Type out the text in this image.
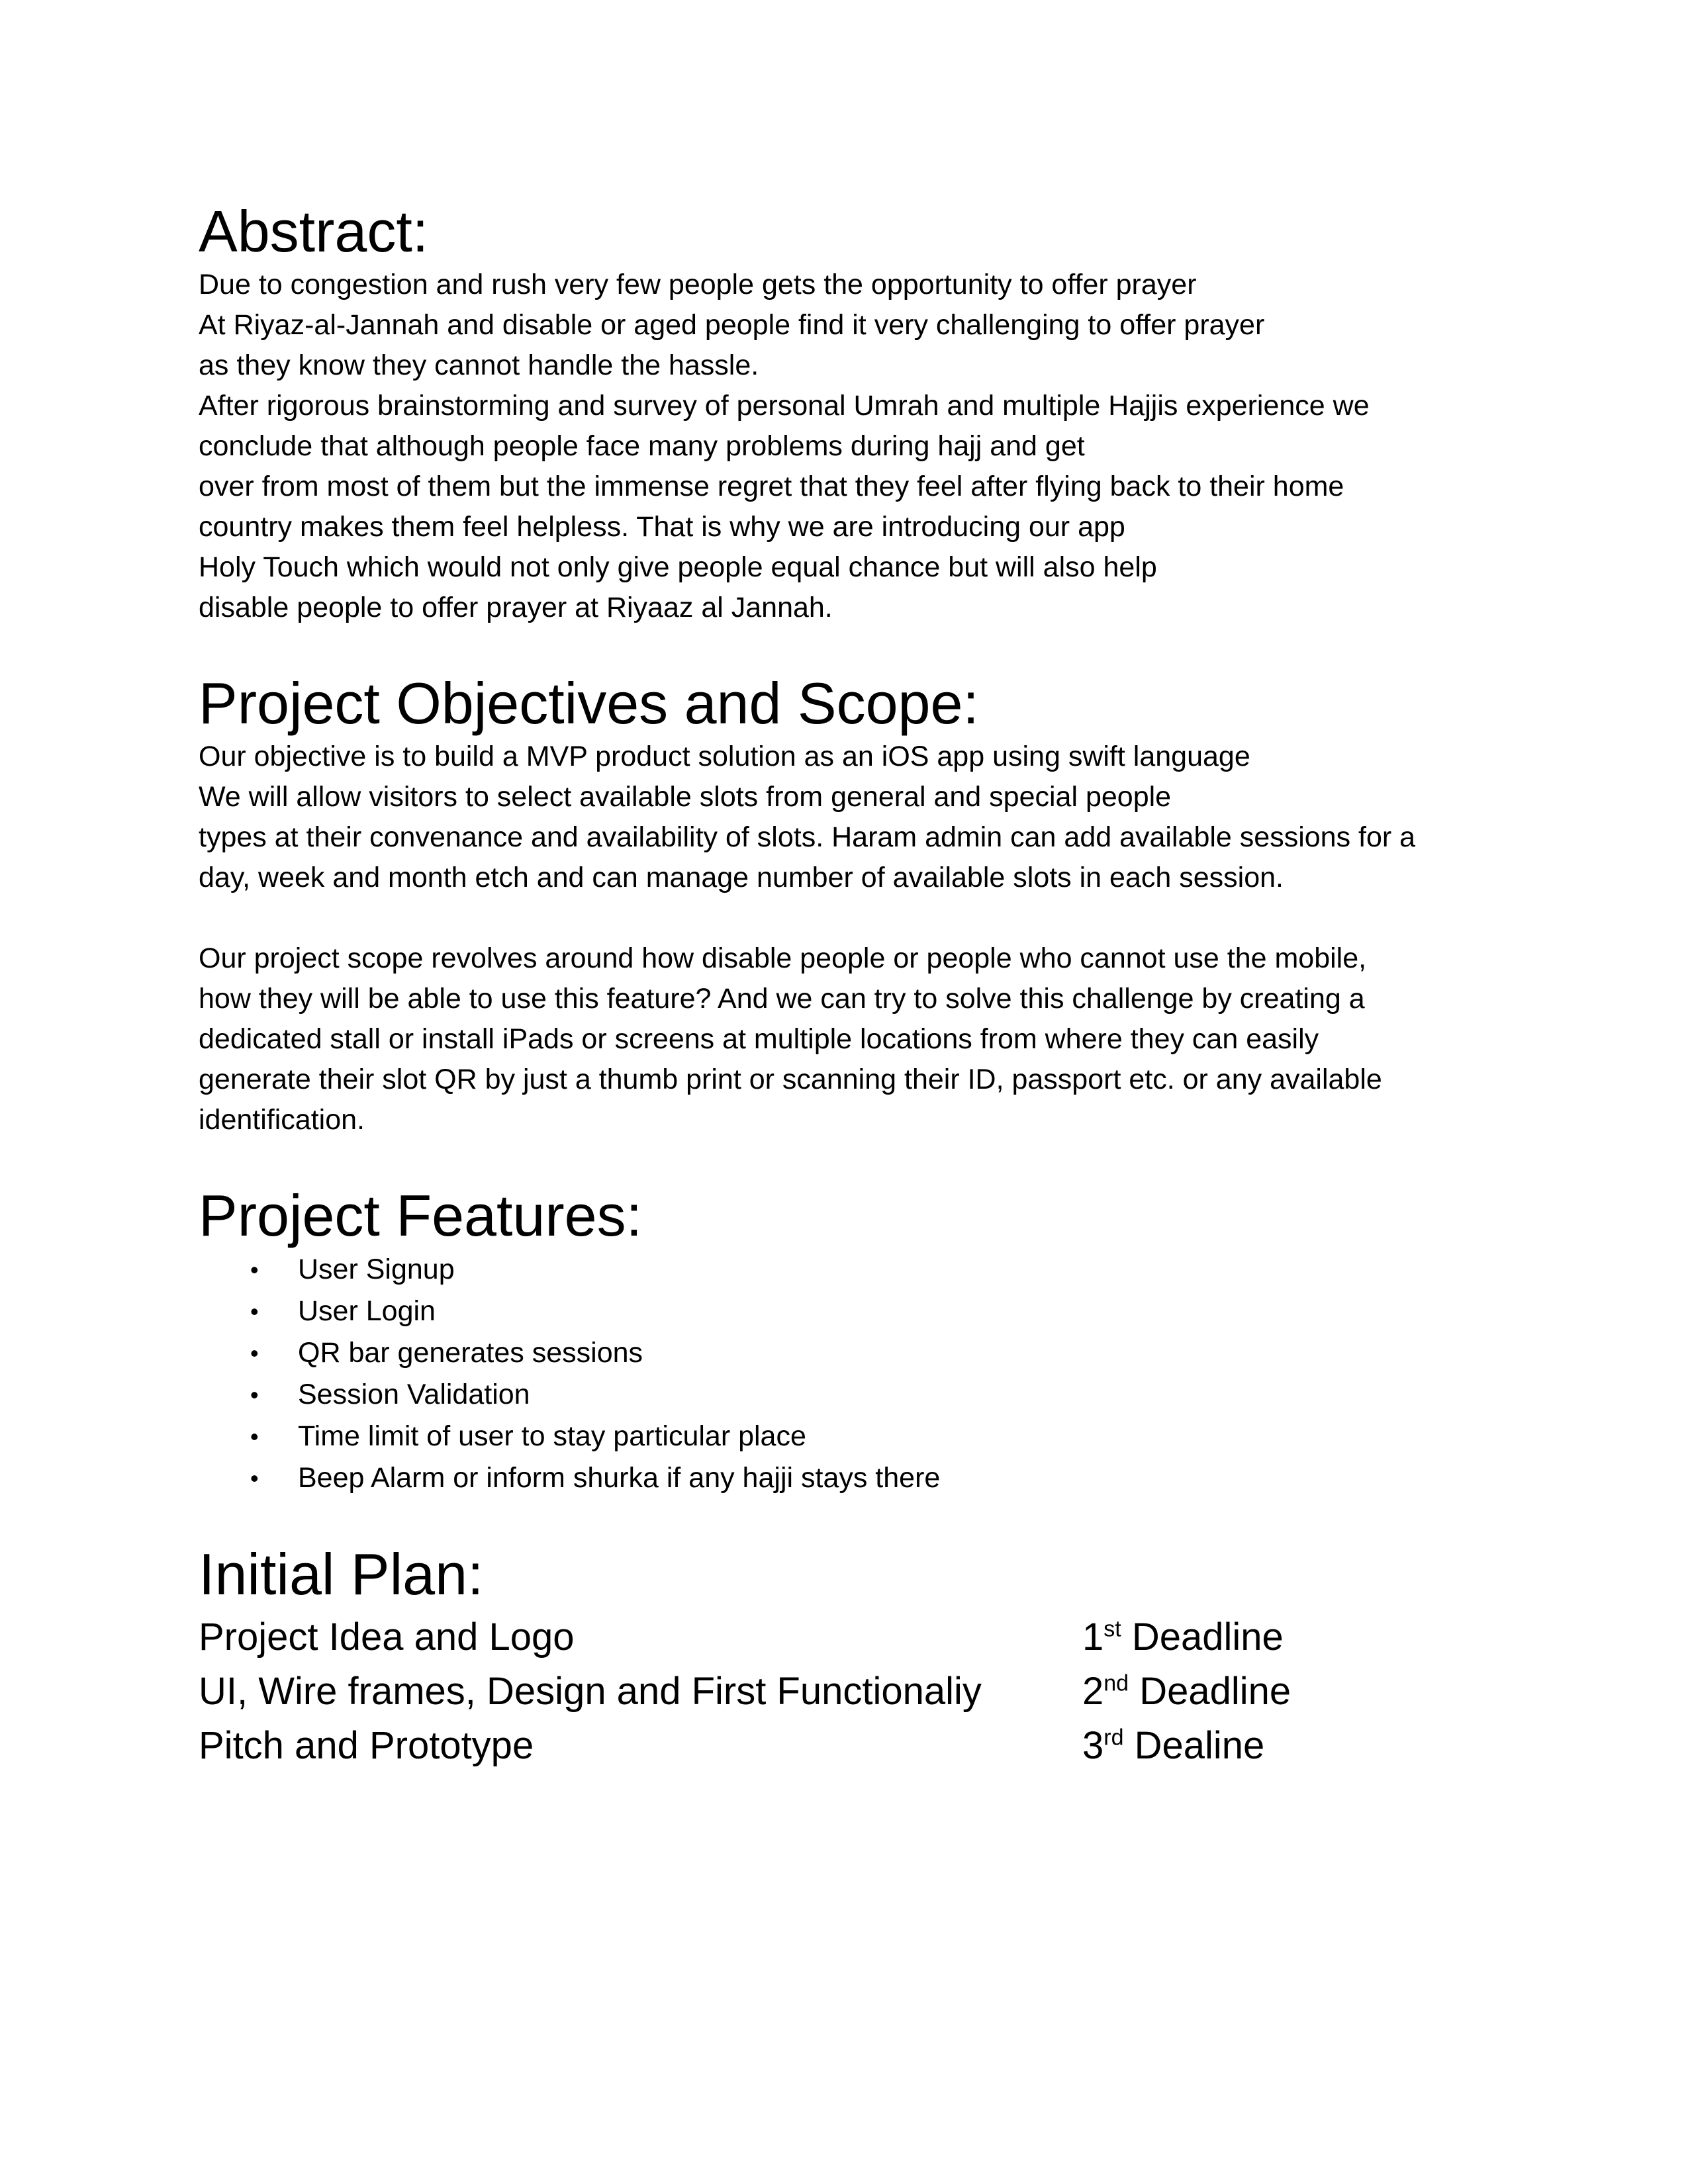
Abstract:

Due to congestion and rush very few people gets the opportunity to offer prayer
At Riyaz-al-Jannah and disable or aged people find it very challenging to offer prayer
as they know they cannot handle the hassle.
After rigorous brainstorming and survey of personal Umrah and multiple Hajjis experience we
conclude that although people face many problems during hajj and get
over from most of them but the immense regret that they feel after flying back to their home
country makes them feel helpless. That is why we are introducing our app
Holy Touch which would not only give people equal chance but will also help
disable people to offer prayer at Riyaaz al Jannah.

Project Objectives and Scope:

Our objective is to build a MVP product solution as an iOS app using swift language
We will allow visitors to select available slots from general and special people
types at their convenance and availability of slots. Haram admin can add available sessions for a
day, week and month etch and can manage number of available slots in each session.

Our project scope revolves around how disable people or people who cannot use the mobile,
how they will be able to use this feature? And we can try to solve this challenge by creating a
dedicated stall or install iPads or screens at multiple locations from where they can easily
generate their slot QR by just a thumb print or scanning their ID, passport etc. or any available
identification.

Project Features:
• User Signup
• User Login
• QR bar generates sessions
• Session Validation
• Time limit of user to stay particular place
• Beep Alarm or inform shurka if any hajji stays there
Initial Plan:
Project Idea and Logo	1st Deadline
UI, Wire frames, Design and First Functionaliy	2nd Deadline
Pitch and Prototype	3rd Dealine
